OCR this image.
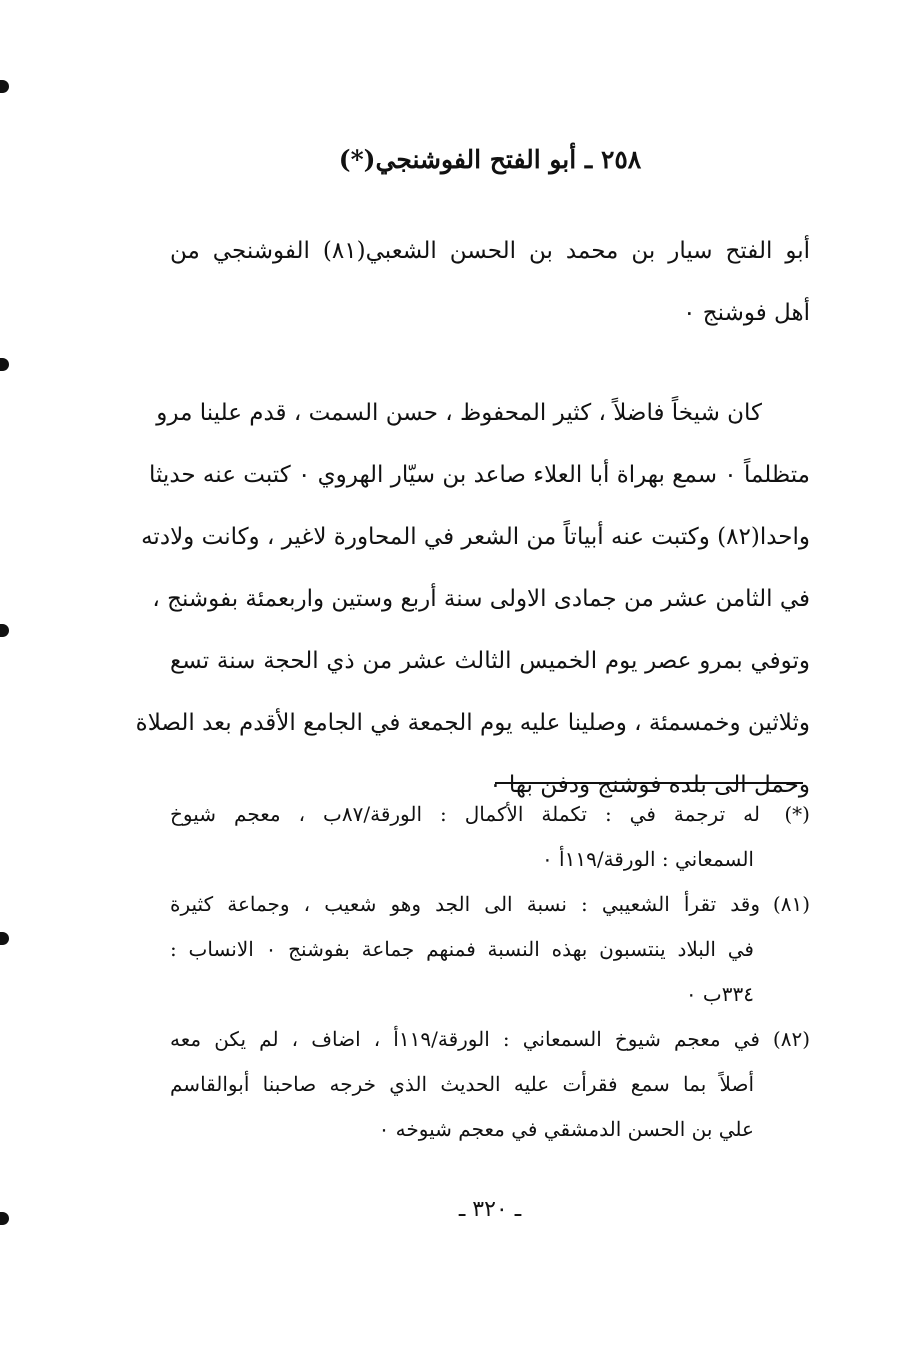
٢٥٨ ـ أبو الفتح الفوشنجي(*)
أبو الفتح سيار بن محمد بن الحسن الشعبي(٨١) الفوشنجي من
أهل فوشنج ٠
كان شيخاً فاضلاً ، كثير المحفوظ ، حسن السمت ، قدم علينا مرو
متظلماً ٠ سمع بهراة أبا العلاء صاعد بن سيّار الهروي ٠ كتبت عنه حديثا
واحدا(٨٢) وكتبت عنه أبياتاً من الشعر في المحاورة لاغير ، وكانت ولادته
في الثامن عشر من جمادى الاولى سنة أربع وستين واربعمئة بفوشنج ،
وتوفي بمرو عصر يوم الخميس الثالث عشر من ذي الحجة سنة تسع
وثلاثين وخمسمئة ، وصلينا عليه يوم الجمعة في الجامع الأقدم بعد الصلاة
وحمل الى بلده فوشنج ودفن بها ٠
(*)له ترجمة في : تكملة الأكمال : الورقة/٨٧ب ، معجم شيوخ
السمعاني : الورقة/١١٩أ ٠
(٨١)وقد تقرأ الشعيبي : نسبة الى الجد وهو شعيب ، وجماعة كثيرة
في البلاد ينتسبون بهذه النسبة فمنهم جماعة بفوشنج ٠ الانساب :
٣٣٤ب ٠
(٨٢)في معجم شيوخ السمعاني : الورقة/١١٩أ ، اضاف ، لم يكن معه
أصلاً بما سمع فقرأت عليه الحديث الذي خرجه صاحبنا أبوالقاسم
علي بن الحسن الدمشقي في معجم شيوخه ٠
ـ ٣٢٠ ـ
